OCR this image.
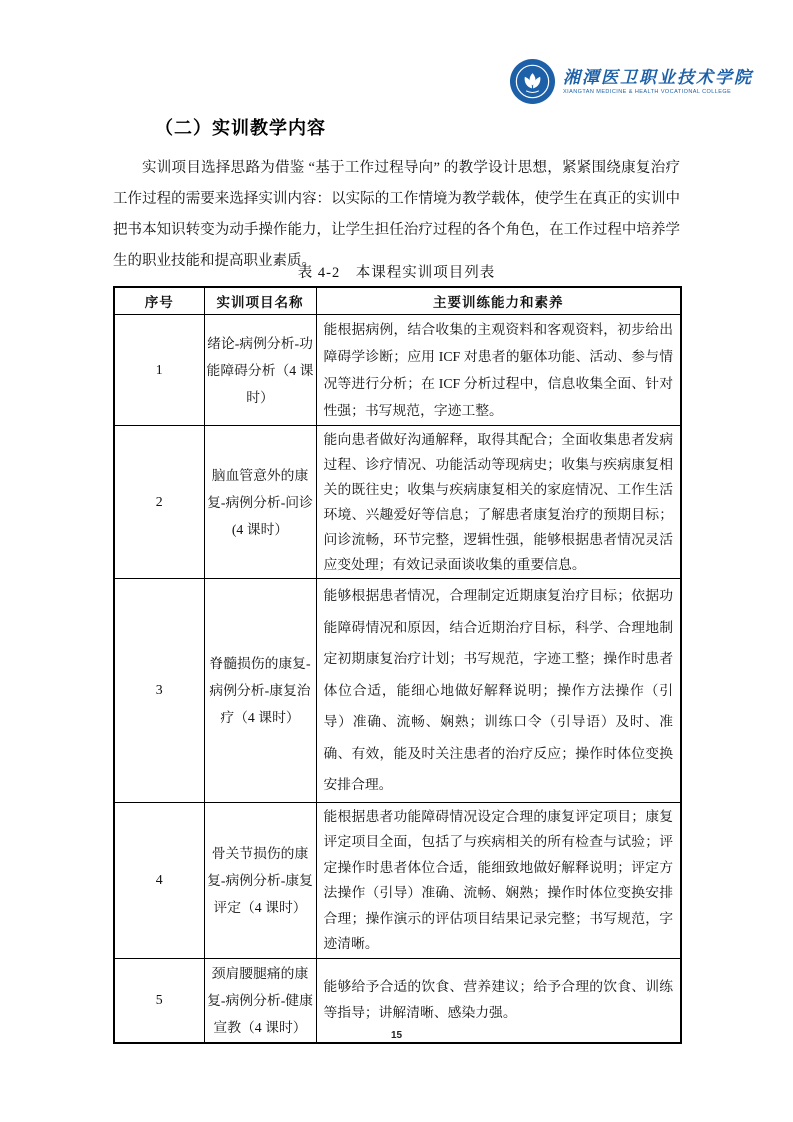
湘潭医卫职业技术学院
XIANGTAN MEDICINE & HEALTH VOCATIONAL COLLEGE
（二）实训教学内容

实训项目选择思路为借鉴 “基于工作过程导向” 的教学设计思想，紧紧围绕康复治疗工作过程的需要来选择实训内容：以实际的工作情境为教学载体，使学生在真正的实训中把书本知识转变为动手操作能力，让学生担任治疗过程的各个角色，在工作过程中培养学生的职业技能和提高职业素质。

表 4-2　本课程实训项目列表
序号	实训项目名称	主要训练能力和素养
1	绪论-病例分析-功能障碍分析（4 课时）	能根据病例，结合收集的主观资料和客观资料，初步给出障碍学诊断；应用 ICF 对患者的躯体功能、活动、参与情况等进行分析；在 ICF 分析过程中，信息收集全面、针对性强；书写规范，字迹工整。
2	脑血管意外的康复-病例分析-问诊(4 课时）	能向患者做好沟通解释，取得其配合；全面收集患者发病过程、诊疗情况、功能活动等现病史；收集与疾病康复相关的既往史；收集与疾病康复相关的家庭情况、工作生活环境、兴趣爱好等信息；了解患者康复治疗的预期目标；问诊流畅，环节完整，逻辑性强，能够根据患者情况灵活应变处理；有效记录面谈收集的重要信息。
3	脊髓损伤的康复-病例分析-康复治疗（4 课时）	能够根据患者情况，合理制定近期康复治疗目标；依据功能障碍情况和原因，结合近期治疗目标，科学、合理地制定初期康复治疗计划；书写规范，字迹工整；操作时患者体位合适，能细心地做好解释说明；操作方法操作（引导）准确、流畅、娴熟；训练口令（引导语）及时、准确、有效，能及时关注患者的治疗反应；操作时体位变换安排合理。
4	骨关节损伤的康复-病例分析-康复评定（4 课时）	能根据患者功能障碍情况设定合理的康复评定项目；康复评定项目全面，包括了与疾病相关的所有检查与试验；评定操作时患者体位合适，能细致地做好解释说明；评定方法操作（引导）准确、流畅、娴熟；操作时体位变换安排合理；操作演示的评估项目结果记录完整；书写规范，字迹清晰。
5	颈肩腰腿痛的康复-病例分析-健康宣教（4 课时）	能够给予合适的饮食、营养建议；给予合理的饮食、训练等指导；讲解清晰、感染力强。
15
